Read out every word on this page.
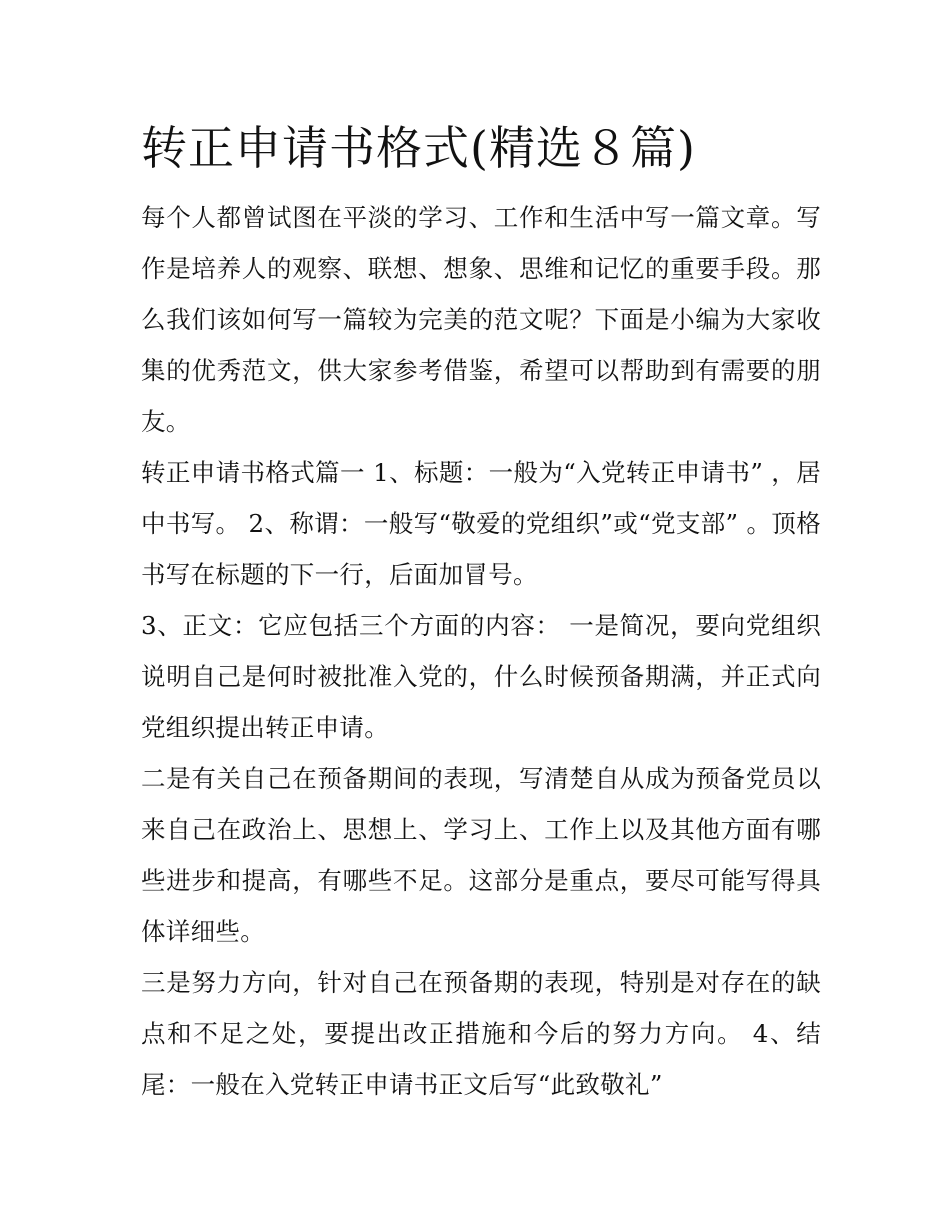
转正申请书格式(精选８篇)

每个人都曾试图在平淡的学习、工作和生活中写一篇文章。写作是培养人的观察、联想、想象、思维和记忆的重要手段。那么我们该如何写一篇较为完美的范文呢？下面是小编为大家收集的优秀范文，供大家参考借鉴，希望可以帮助到有需要的朋友。

转正申请书格式篇一 1、标题：一般为“入党转正申请书” ，居中书写。 2、称谓：一般写“敬爱的党组织”或“党支部” 。顶格书写在标题的下一行，后面加冒号。

3、正文：它应包括三个方面的内容： 一是简况，要向党组织说明自己是何时被批准入党的，什么时候预备期满，并正式向党组织提出转正申请。

二是有关自己在预备期间的表现，写清楚自从成为预备党员以来自己在政治上、思想上、学习上、工作上以及其他方面有哪些进步和提高，有哪些不足。这部分是重点，要尽可能写得具体详细些。

三是努力方向，针对自己在预备期的表现，特别是对存在的缺点和不足之处，要提出改正措施和今后的努力方向。 4、结尾：一般在入党转正申请书正文后写“此致敬礼”
